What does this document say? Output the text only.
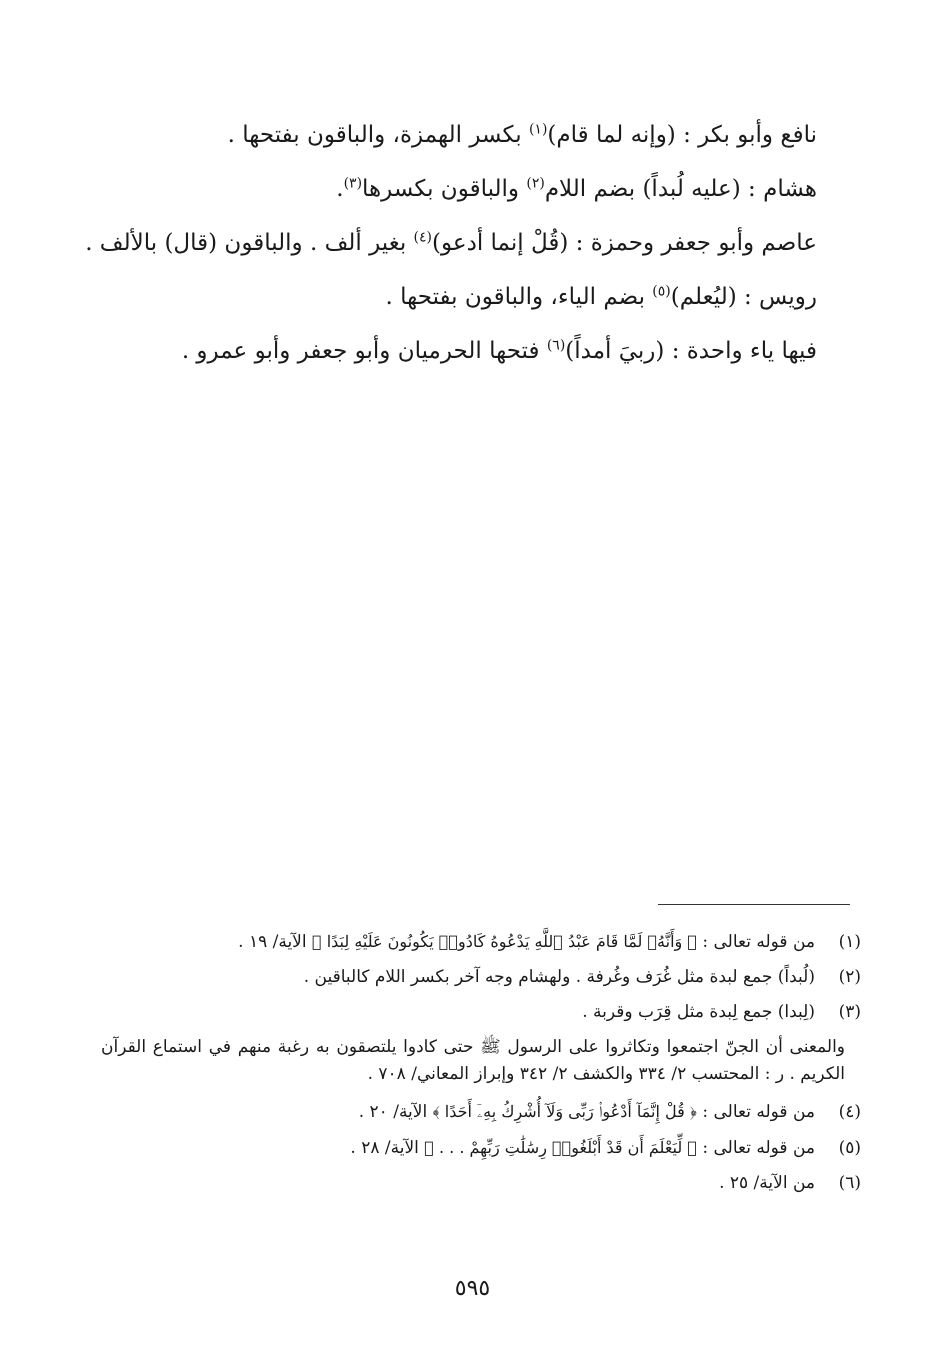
نافع وأبو بكر : (وإنه لما قام)$^{(١)}$ بكسر الهمزة، والباقون بفتحها .
هشام : (عليه لُبداً) بضم اللام$^{(٢)}$ والباقون بكسرها$^{(٣)}$.
عاصم وأبو جعفر وحمزة : (قُلْ إنما أدعو)$^{(٤)}$ بغير ألف . والباقون (قال) بالألف .
رويس : (ليُعلم)$^{(٥)}$ بضم الياء، والباقون بفتحها .
فيها ياء واحدة : (ربيَ أمداً)$^{(٦)}$ فتحها الحرميان وأبو جعفر وأبو عمرو .
(١)من قوله تعالى : ﴿ وَأَنَّهُۥ لَمَّا قَامَ عَبْدُ ٱللَّهِ يَدْعُوهُ كَادُوا۟ يَكُونُونَ عَلَيْهِ لِبَدًا ﴾ الآية/ ١٩ .
(٢)(لُبداً) جمع لبدة مثل غُرَف وغُرفة . ولهشام وجه آخر بكسر اللام كالباقين .
(٣)(لِبدا) جمع لِبدة مثل قِرَب وقربة .
والمعنى أن الجنّ اجتمعوا وتكاثروا على الرسول ﷺ حتى كادوا يلتصقون به رغبة منهم في استماع القرآن الكريم . ر : المحتسب ٢/ ٣٣٤ والكشف ٢/ ٣٤٢ وإبراز المعاني/ ٧٠٨ .
(٤)من قوله تعالى : ﴿ قُلْ إِنَّمَآ أَدْعُوا۟ رَبِّى وَلَآ أُشْرِكُ بِهِۦٓ أَحَدًا ﴾ الآية/ ٢٠ .
(٥)من قوله تعالى : ﴿ لِّيَعْلَمَ أَن قَدْ أَبْلَغُوا۟ رِسَٰلَٰتِ رَبِّهِمْ . . . ﴾ الآية/ ٢٨ .
(٦)من الآية/ ٢٥ .
٥٩٥
